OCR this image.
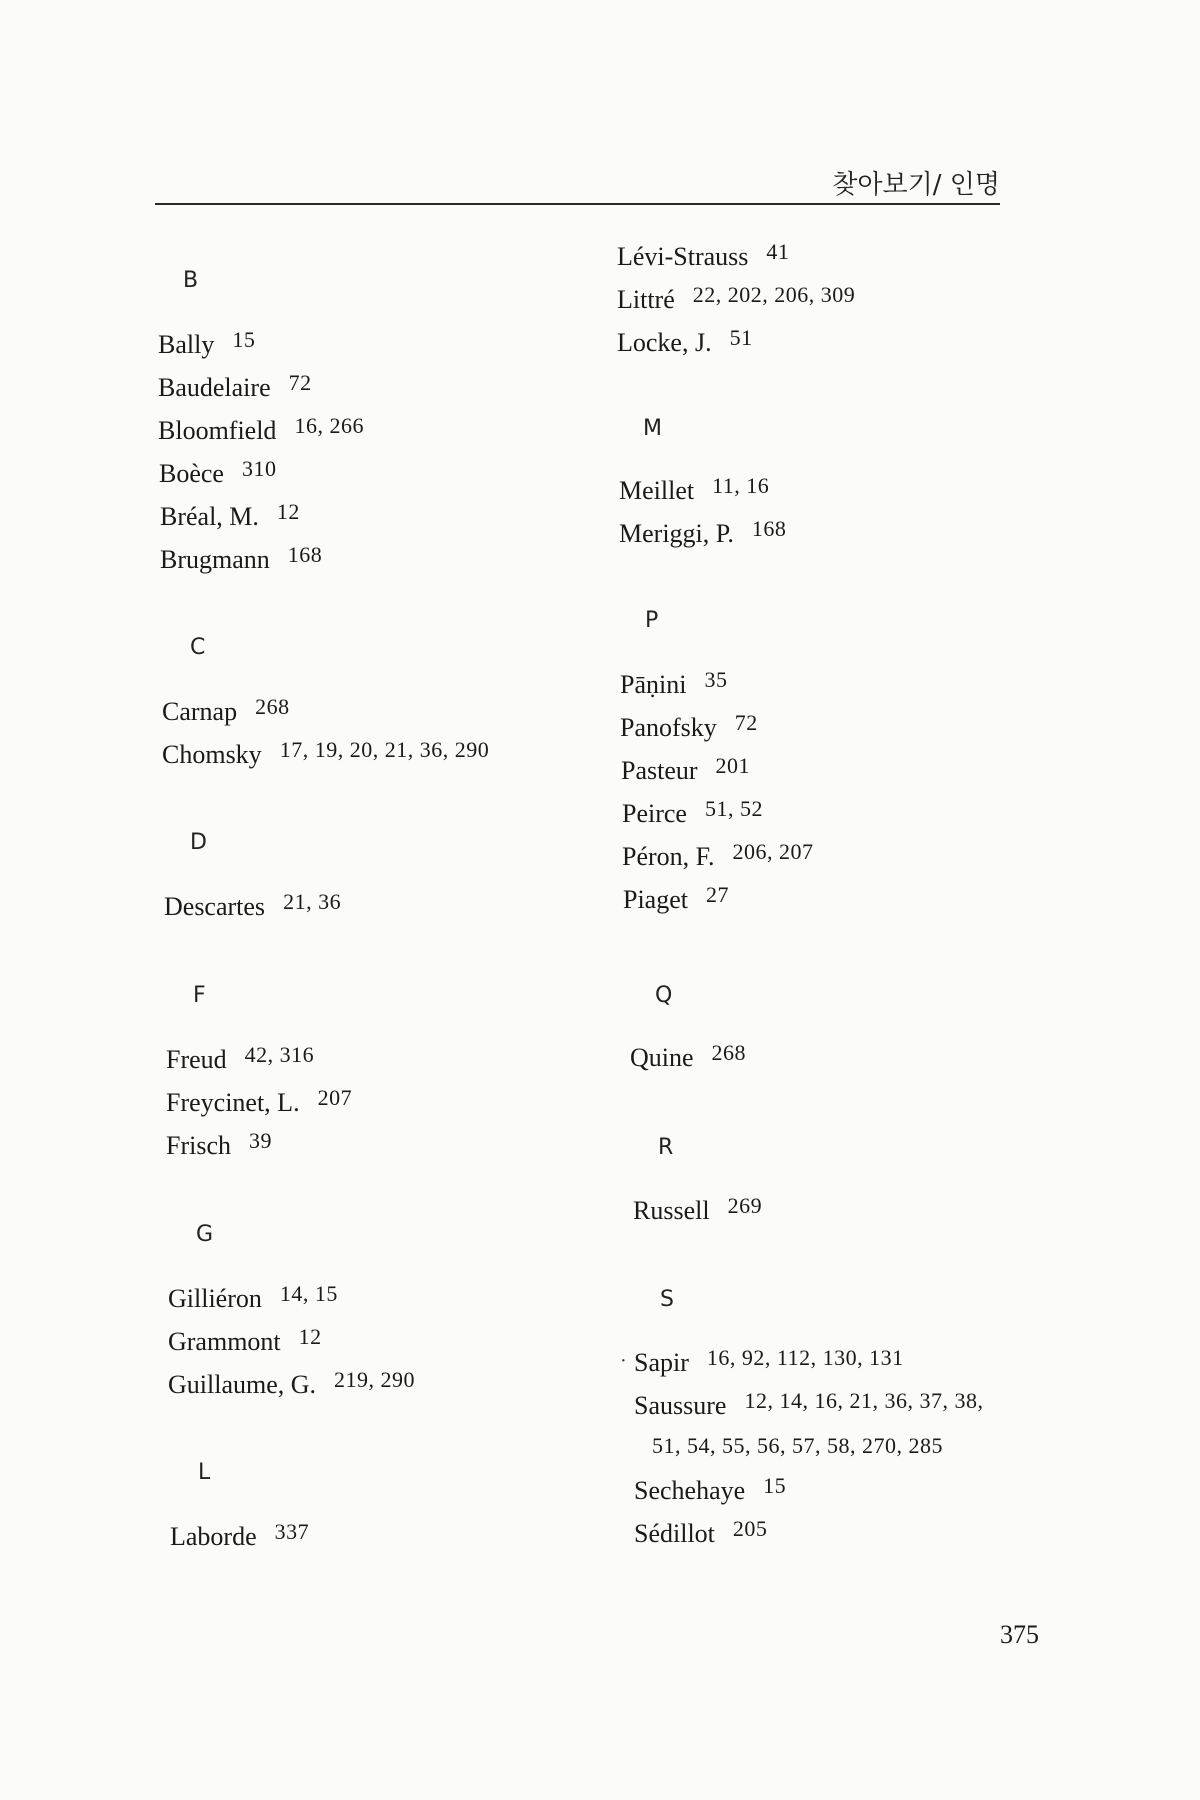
찾아보기/ 인명
B
Bally $^{15}$
Baudelaire $^{72}$
Bloomfield $^{16, 266}$
Boèce $^{310}$
Bréal, M. $^{12}$
Brugmann $^{168}$
C
Carnap $^{268}$
Chomsky $^{17, 19, 20, 21, 36, 290}$
D
Descartes $^{21, 36}$
F
Freud $^{42, 316}$
Freycinet, L. $^{207}$
Frisch $^{39}$
G
Gilliéron $^{14, 15}$
Grammont $^{12}$
Guillaume, G. $^{219, 290}$
L
Laborde $^{337}$
Lévi-Strauss $^{41}$
Littré $^{22, 202, 206, 309}$
Locke, J. $^{51}$
M
Meillet $^{11, 16}$
Meriggi, P. $^{168}$
P
Pāṇini $^{35}$
Panofsky $^{72}$
Pasteur $^{201}$
Peirce $^{51, 52}$
Péron, F. $^{206, 207}$
Piaget $^{27}$
Q
Quine $^{268}$
R
Russell $^{269}$
S
· Sapir $^{16, 92, 112, 130, 131}$
Saussure $^{12, 14, 16, 21, 36, 37, 38,}$
51, 54, 55, 56, 57, 58, 270, 285
Sechehaye $^{15}$
Sédillot $^{205}$
375
